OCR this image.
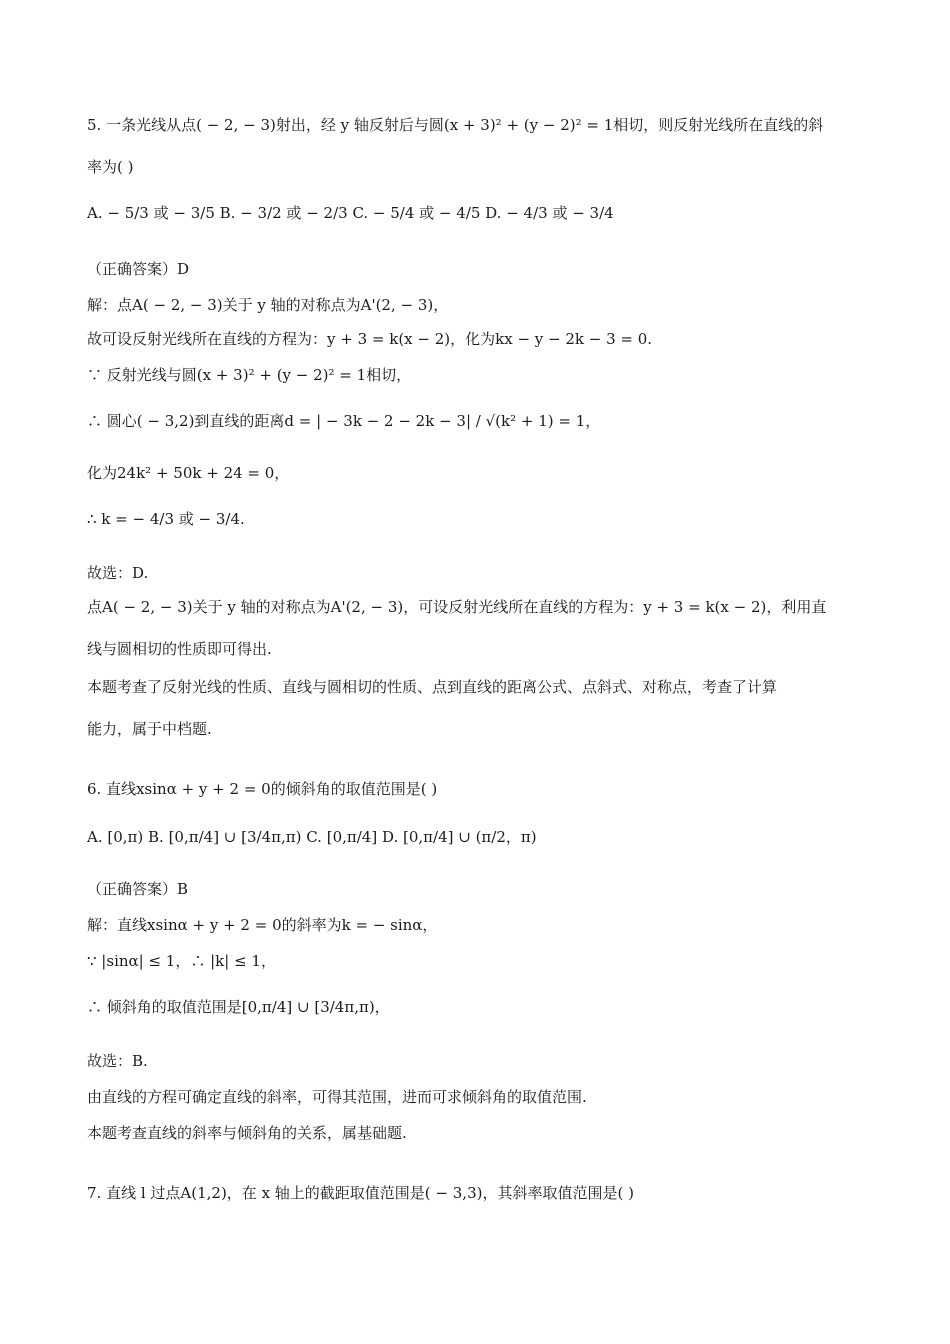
5. 一条光线从点( − 2, − 3)射出，经 y 轴反射后与圆(x + 3)² + (y − 2)² = 1相切，则反射光线所在直线的斜
率为( )
A. − 5/3 或 − 3/5 B. − 3/2 或 − 2/3 C. − 5/4 或 − 4/5 D. − 4/3 或 − 3/4
（正确答案）D
解：点A( − 2, − 3)关于 y 轴的对称点为A'(2, − 3)，
故可设反射光线所在直线的方程为：y + 3 = k(x − 2)，化为kx − y − 2k − 3 = 0.
∵ 反射光线与圆(x + 3)² + (y − 2)² = 1相切，
∴ 圆心( − 3,2)到直线的距离d = | − 3k − 2 − 2k − 3| / √(k² + 1) = 1，
化为24k² + 50k + 24 = 0，
∴ k = − 4/3 或 − 3/4.
故选：D.
点A( − 2, − 3)关于 y 轴的对称点为A'(2, − 3)，可设反射光线所在直线的方程为：y + 3 = k(x − 2)，利用直
线与圆相切的性质即可得出.
本题考查了反射光线的性质、直线与圆相切的性质、点到直线的距离公式、点斜式、对称点，考查了计算
能力，属于中档题.
6. 直线xsinα + y + 2 = 0的倾斜角的取值范围是( )
A. [0,π) B. [0,π/4] ∪ [3/4π,π) C. [0,π/4] D. [0,π/4] ∪ (π/2，π)
（正确答案）B
解：直线xsinα + y + 2 = 0的斜率为k = − sinα，
∵ |sinα| ≤ 1，∴ |k| ≤ 1，
∴ 倾斜角的取值范围是[0,π/4] ∪ [3/4π,π)，
故选：B.
由直线的方程可确定直线的斜率，可得其范围，进而可求倾斜角的取值范围.
本题考查直线的斜率与倾斜角的关系，属基础题.
7. 直线 l 过点A(1,2)，在 x 轴上的截距取值范围是( − 3,3)，其斜率取值范围是( )
